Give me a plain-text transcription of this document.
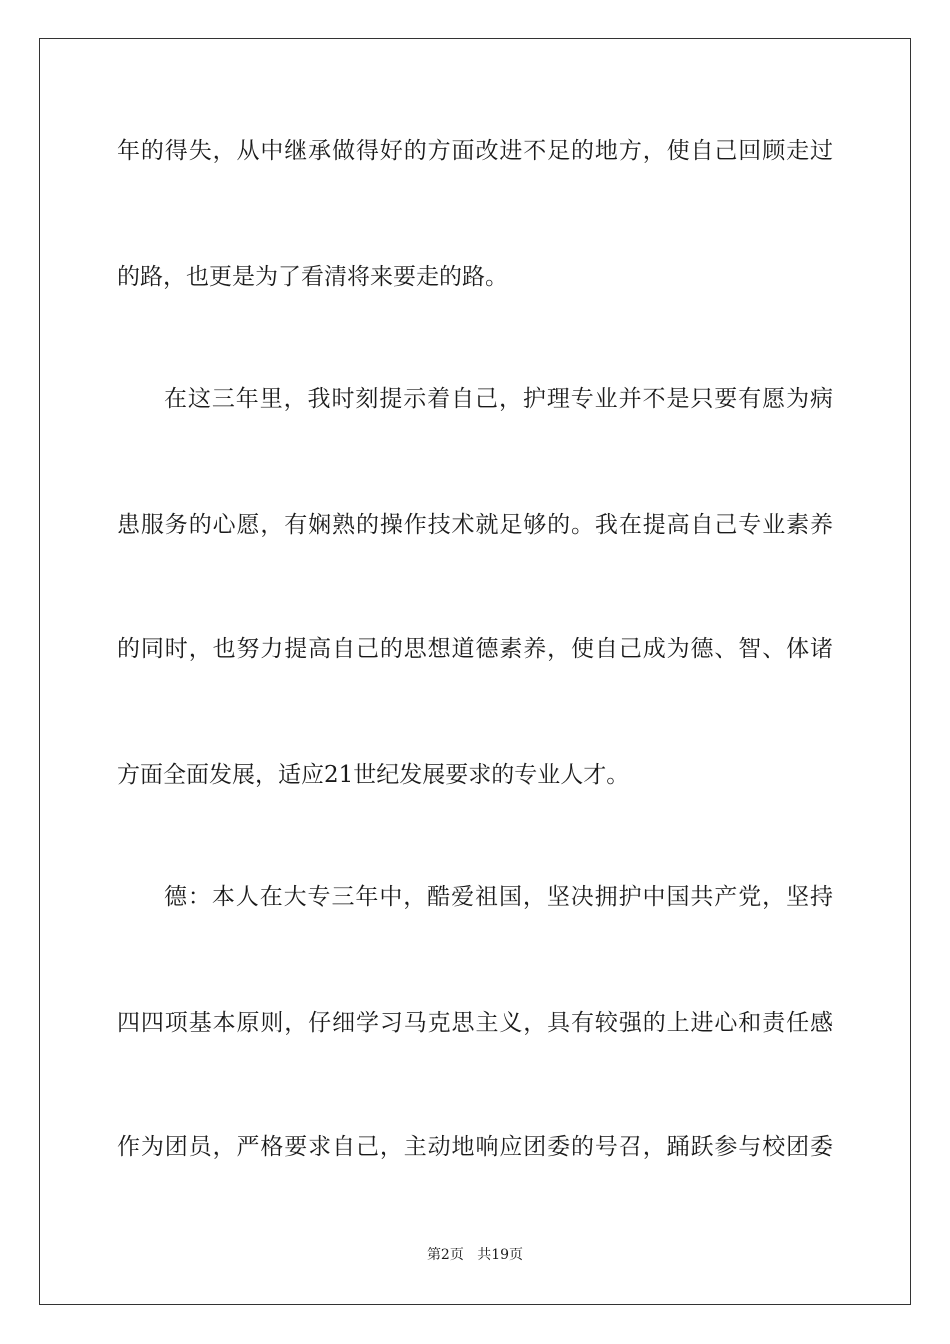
年的得失，从中继承做得好的方面改进不足的地方，使自己回顾走过
的路，也更是为了看清将来要走的路。
在这三年里，我时刻提示着自己，护理专业并不是只要有愿为病
患服务的心愿，有娴熟的操作技术就足够的。我在提高自己专业素养
的同时，也努力提高自己的思想道德素养，使自己成为德、智、体诸
方面全面发展，适应21世纪发展要求的专业人才。
德：本人在大专三年中，酷爱祖国，坚决拥护中国共产党，坚持
四四项基本原则，仔细学习马克思主义，具有较强的上进心和责任感
作为团员，严格要求自己，主动地响应团委的号召，踊跃参与校团委
第2页 共19页
